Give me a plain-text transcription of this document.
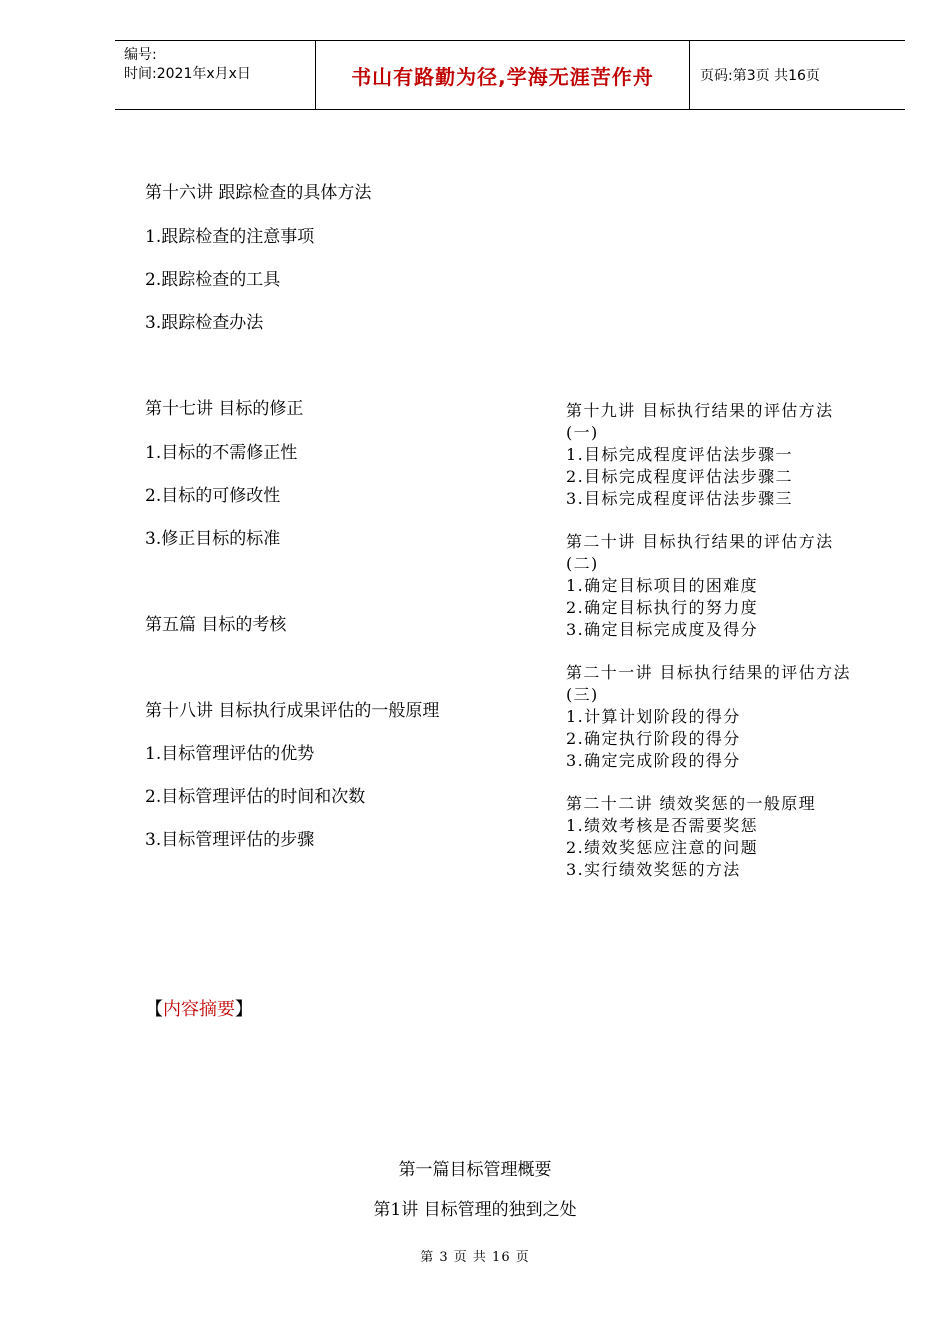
编号:
时间:2021年x月x日	书山有路勤为径,学海无涯苦作舟	页码:第3页 共16页
第十六讲 跟踪检查的具体方法
1.跟踪检查的注意事项
2.跟踪检查的工具
3.跟踪检查办法
第十七讲 目标的修正
1.目标的不需修正性
2.目标的可修改性
3.修正目标的标准
第五篇 目标的考核
第十八讲 目标执行成果评估的一般原理
1.目标管理评估的优势
2.目标管理评估的时间和次数
3.目标管理评估的步骤
第十九讲 目标执行结果的评估方法
(一)
1.目标完成程度评估法步骤一
2.目标完成程度评估法步骤二
3.目标完成程度评估法步骤三
第二十讲 目标执行结果的评估方法
(二)
1.确定目标项目的困难度
2.确定目标执行的努力度
3.确定目标完成度及得分
第二十一讲 目标执行结果的评估方法
(三)
1.计算计划阶段的得分
2.确定执行阶段的得分
3.确定完成阶段的得分
第二十二讲 绩效奖惩的一般原理
1.绩效考核是否需要奖惩
2.绩效奖惩应注意的问题
3.实行绩效奖惩的方法
【内容摘要】
第一篇目标管理概要
第1讲 目标管理的独到之处
第 3 页 共 16 页
